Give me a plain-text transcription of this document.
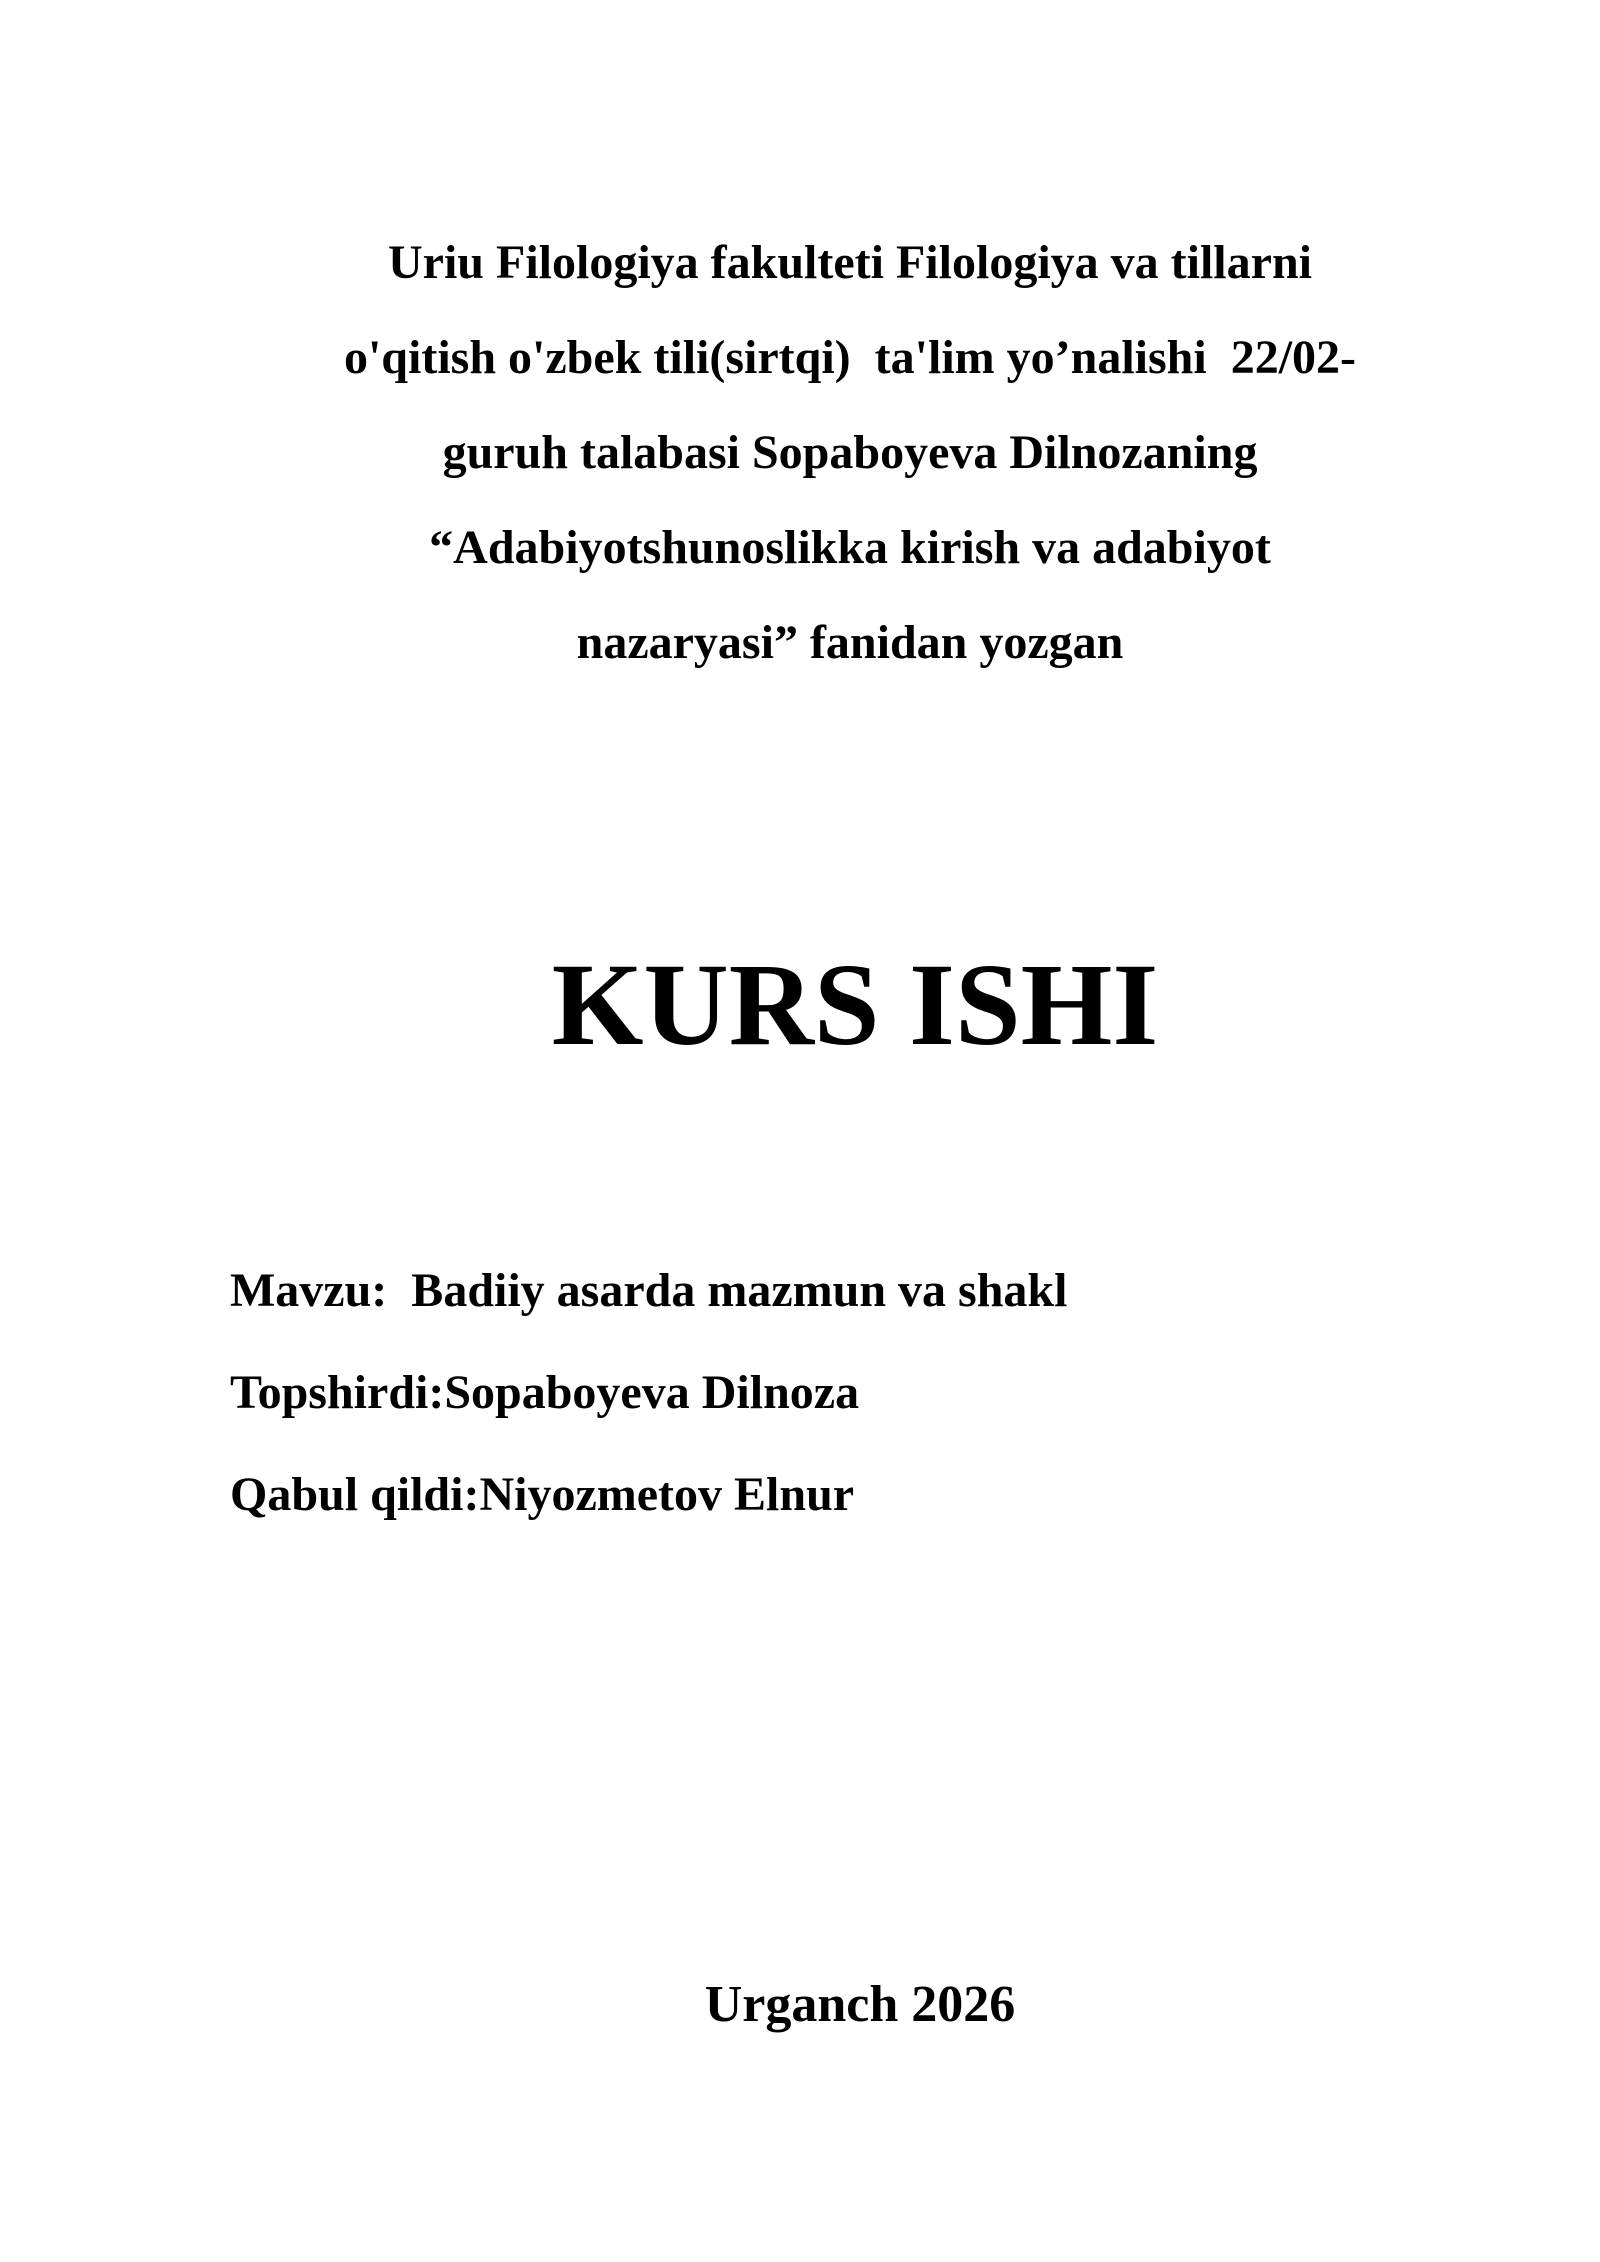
Uriu Filologiya fakulteti Filologiya va tillarni
o'qitish o'zbek tili(sirtqi)  ta'lim yo’nalishi  22/02-
guruh talabasi Sopaboyeva Dilnozaning
“Adabiyotshunoslikka kirish va adabiyot
nazaryasi” fanidan yozgan
KURS ISHI
Mavzu:  Badiiy asarda mazmun va shakl
Topshirdi:Sopaboyeva Dilnoza
Qabul qildi:Niyozmetov Elnur
Urganch 2026
